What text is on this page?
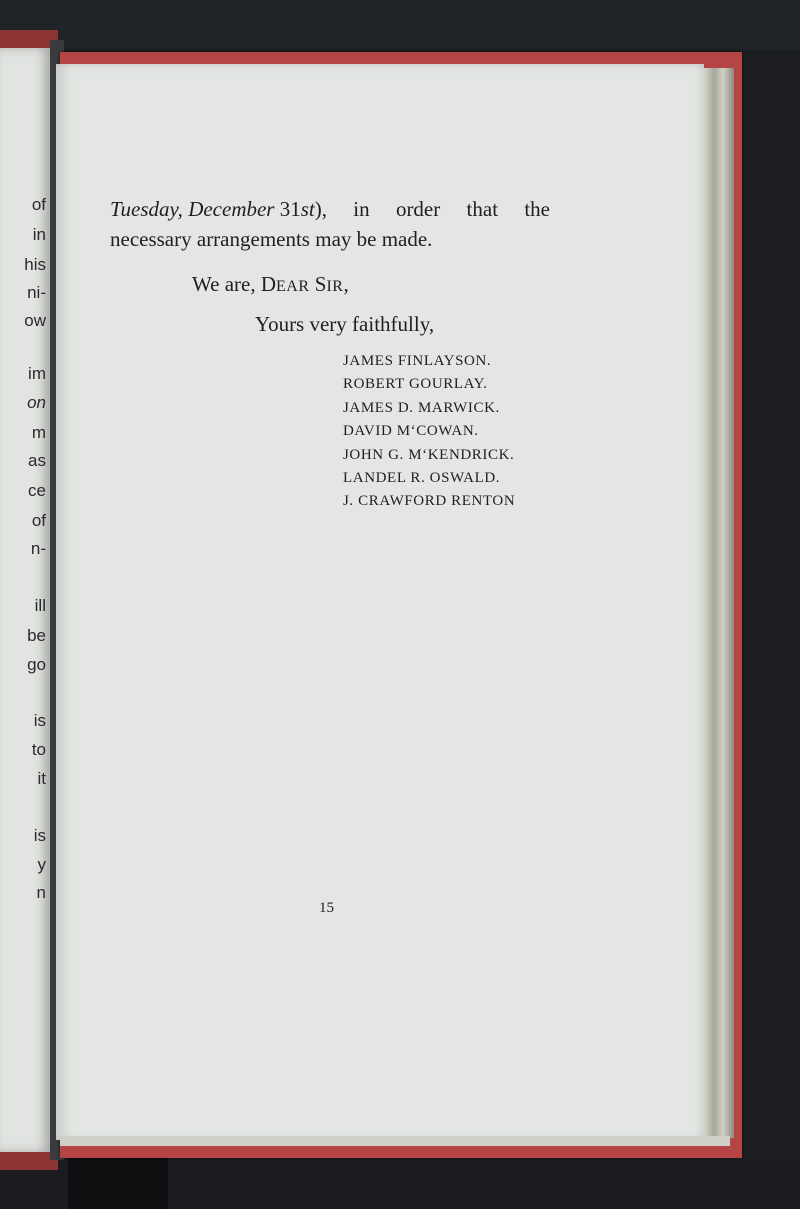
of
in
his
ni-
ow
im
on
m
as
ce
of
n-
ill
be
go
is
to
it
is
y
n
Tuesday, December 31st), in order that the
necessary arrangements may be made.
We are, DEAR SIR,
Yours very faithfully,
JAMES FINLAYSON.
ROBERT GOURLAY.
JAMES D. MARWICK.
DAVID M‘COWAN.
JOHN G. M‘KENDRICK.
LANDEL R. OSWALD.
J. CRAWFORD RENTON
15
